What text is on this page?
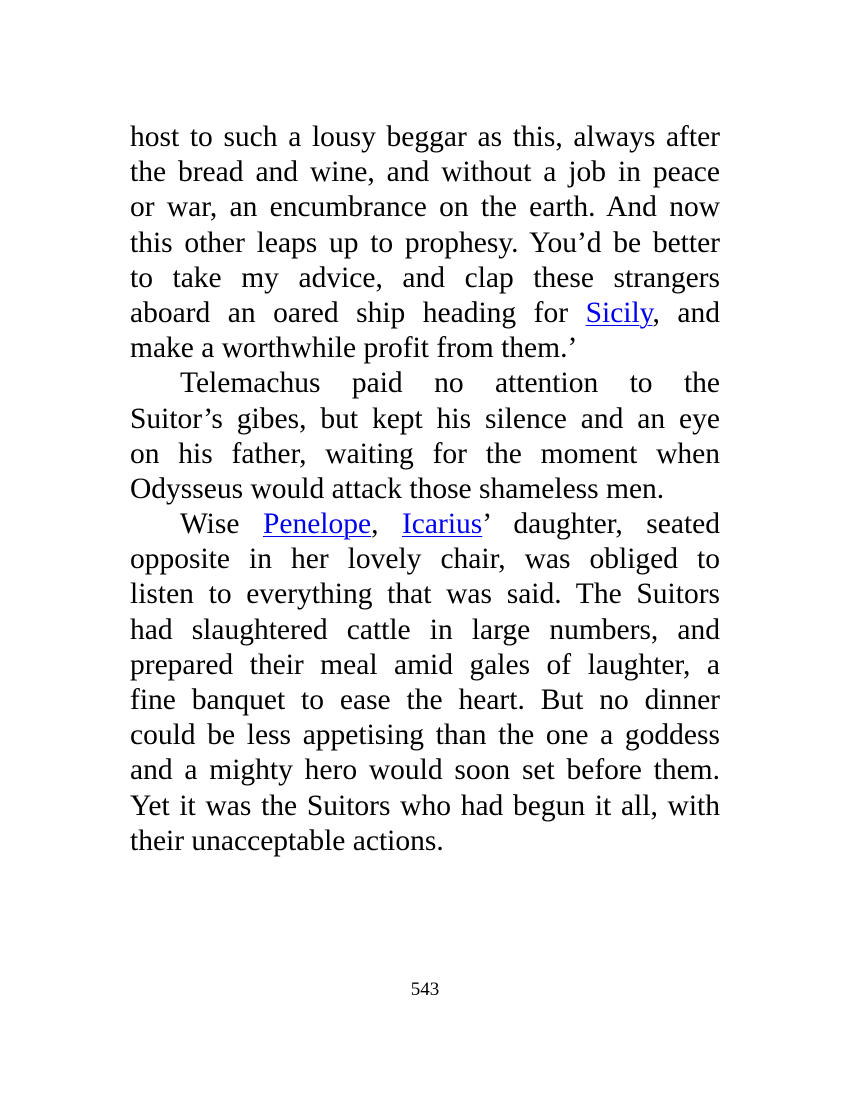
host to such a lousy beggar as this, always after
the bread and wine, and without a job in peace
or war, an encumbrance on the earth. And now
this other leaps up to prophesy. You’d be better
to take my advice, and clap these strangers
aboard an oared ship heading for Sicily, and
make a worthwhile profit from them.’
Telemachus paid no attention to the
Suitor’s gibes, but kept his silence and an eye
on his father, waiting for the moment when
Odysseus would attack those shameless men.
Wise Penelope, Icarius’ daughter, seated
opposite in her lovely chair, was obliged to
listen to everything that was said. The Suitors
had slaughtered cattle in large numbers, and
prepared their meal amid gales of laughter, a
fine banquet to ease the heart. But no dinner
could be less appetising than the one a goddess
and a mighty hero would soon set before them.
Yet it was the Suitors who had begun it all, with
their unacceptable actions.
543
